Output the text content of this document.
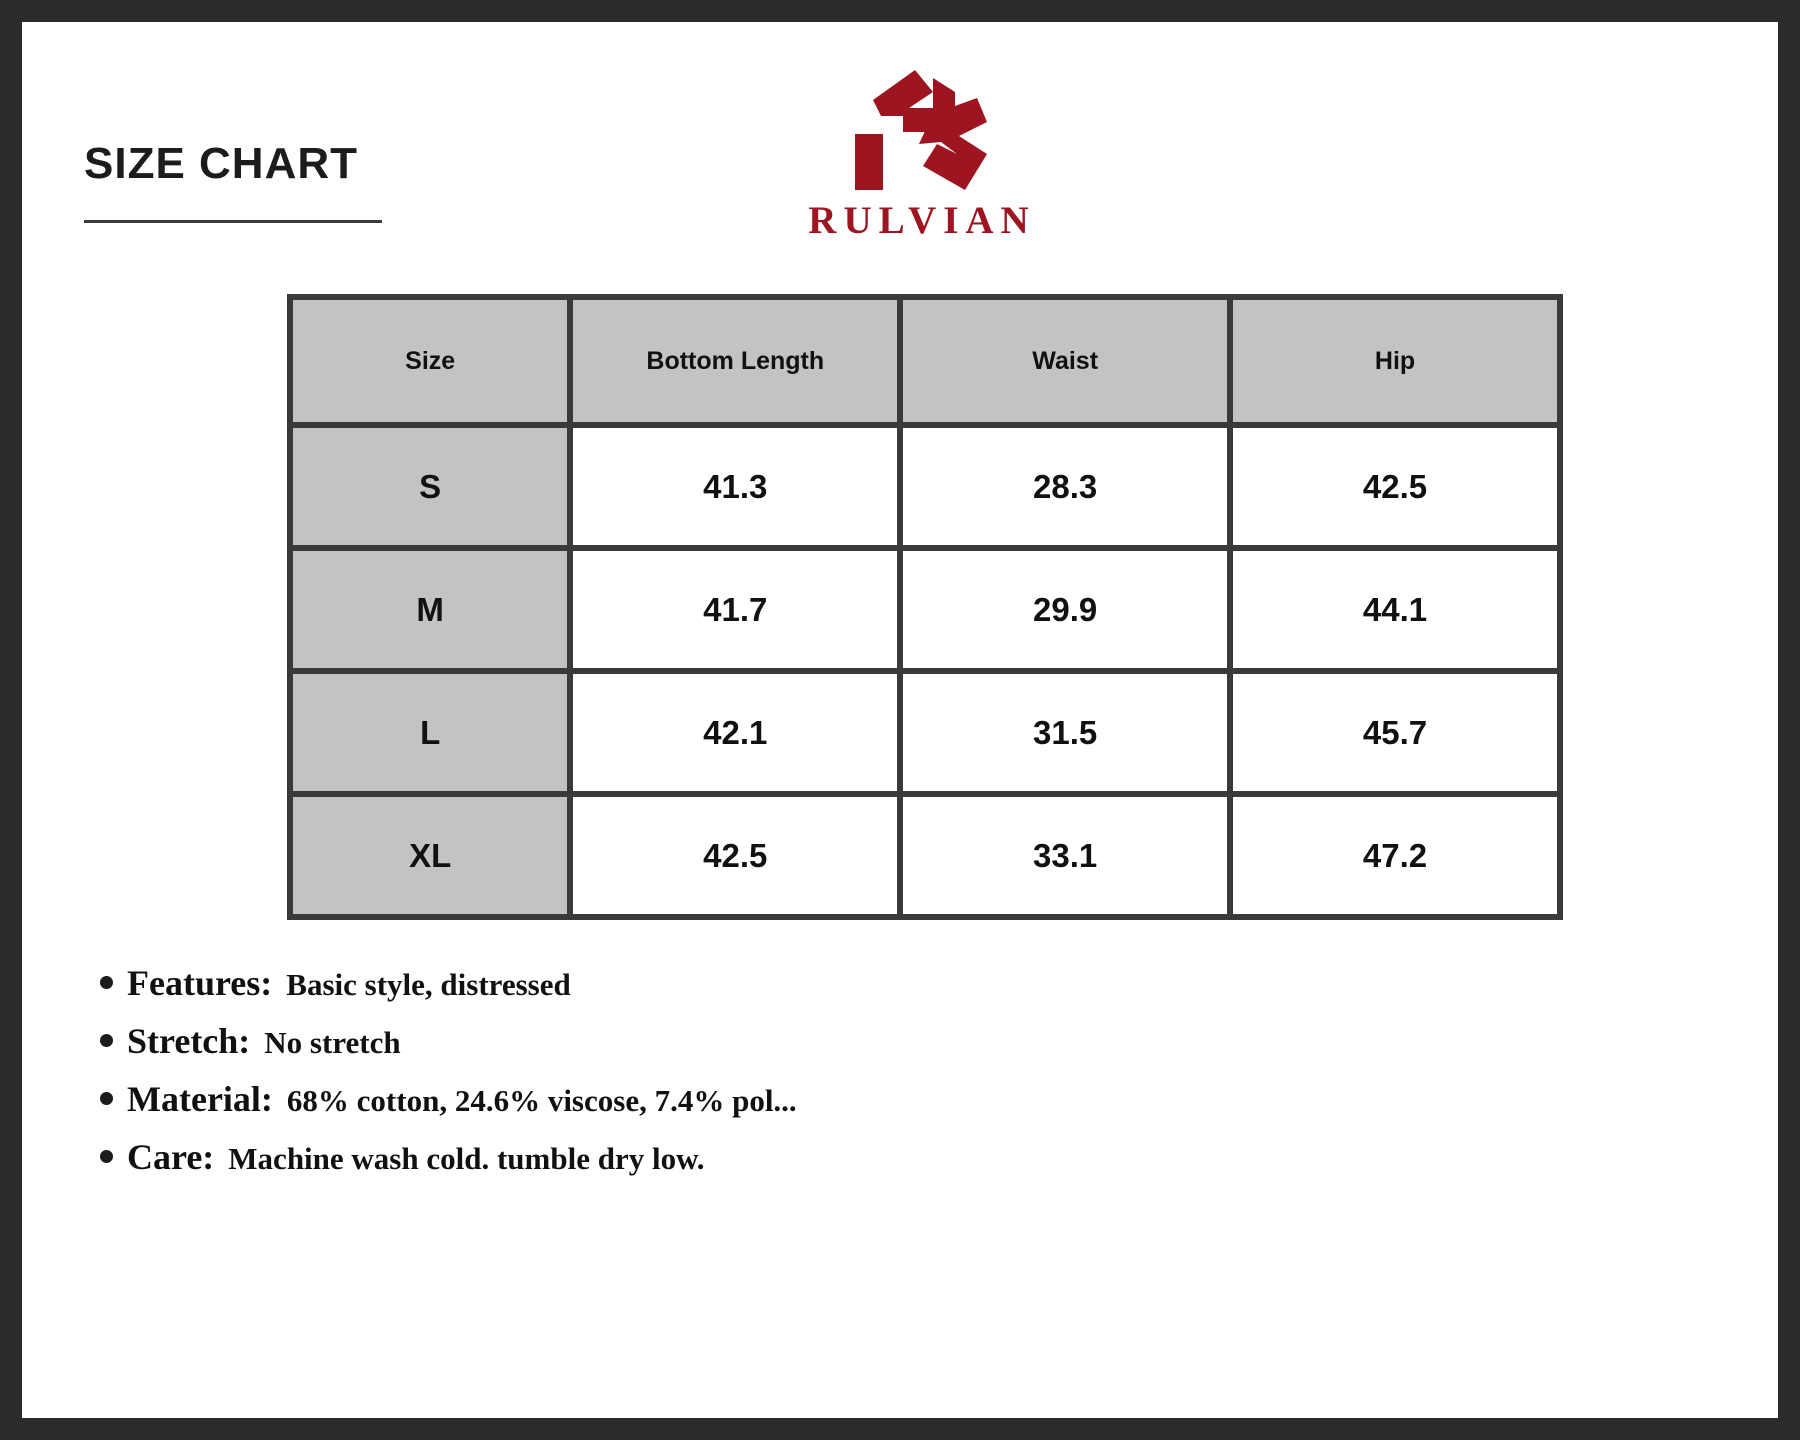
SIZE CHART
RULVIAN
Size	Bottom Length	Waist	Hip
S	41.3	28.3	42.5
M	41.7	29.9	44.1
L	42.1	31.5	45.7
XL	42.5	33.1	47.2
Features: Basic style, distressed
Stretch: No stretch
Material: 68% cotton, 24.6% viscose, 7.4% pol...
Care: Machine wash cold. tumble dry low.
